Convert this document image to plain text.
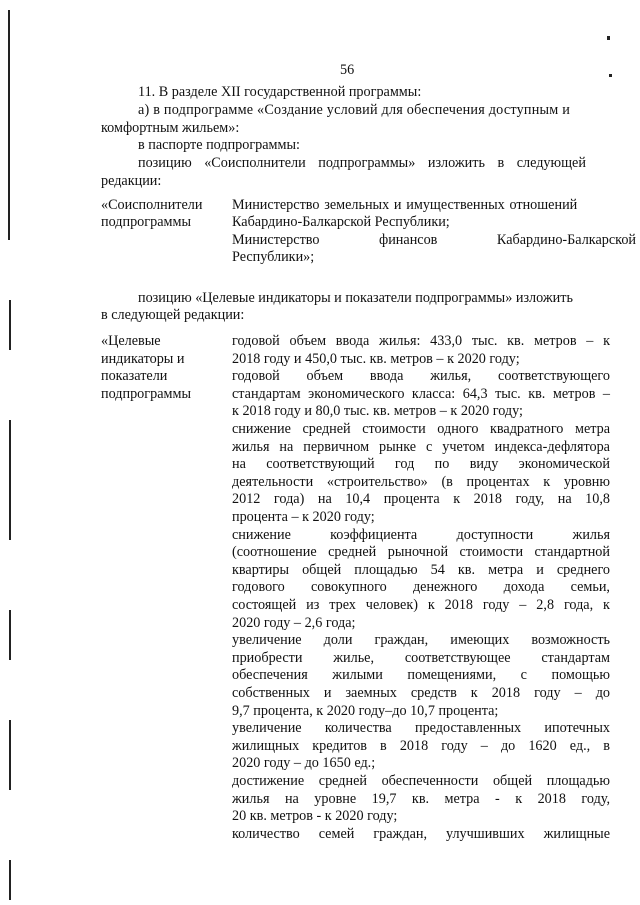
56
11. В разделе XII государственной программы:
а) в подпрограмме «Создание условий для обеспечения доступным и
комфортным жильем»:
в паспорте подпрограммы:
позицию «Соисполнители подпрограммы» изложить в следующей
редакции:
«Соисполнители
подпрограммы
Министерство земельных и имущественных отношений
Кабардино-Балкарской Республики;
Министерство финансов Кабардино-Балкарской
Республики»;
позицию «Целевые индикаторы и показатели подпрограммы» изложить
в следующей редакции:
«Целевые
индикаторы и
показатели
подпрограммы
годовой объем ввода жилья: 433,0 тыс. кв. метров – к
2018 году и 450,0 тыс. кв. метров – к 2020 году;
годовой объем ввода жилья, соответствующего
стандартам экономического класса: 64,3 тыс. кв. метров –
к 2018 году и 80,0 тыс. кв. метров – к 2020 году;
снижение средней стоимости одного квадратного метра
жилья на первичном рынке с учетом индекса-дефлятора
на соответствующий год по виду экономической
деятельности «строительство» (в процентах к уровню
2012 года) на 10,4 процента к 2018 году, на 10,8
процента – к 2020 году;
снижение коэффициента доступности жилья
(соотношение средней рыночной стоимости стандартной
квартиры общей площадью 54 кв. метра и среднего
годового совокупного денежного дохода семьи,
состоящей из трех человек) к 2018 году – 2,8 года, к
2020 году – 2,6 года;
увеличение доли граждан, имеющих возможность
приобрести жилье, соответствующее стандартам
обеспечения жилыми помещениями, с помощью
собственных и заемных средств к 2018 году – до
9,7 процента, к 2020 году–до 10,7 процента;
увеличение количества предоставленных ипотечных
жилищных кредитов в 2018 году – до 1620 ед., в
2020 году – до 1650 ед.;
достижение средней обеспеченности общей площадью
жилья на уровне 19,7 кв. метра - к 2018 году,
20 кв. метров - к 2020 году;
количество семей граждан, улучшивших жилищные
